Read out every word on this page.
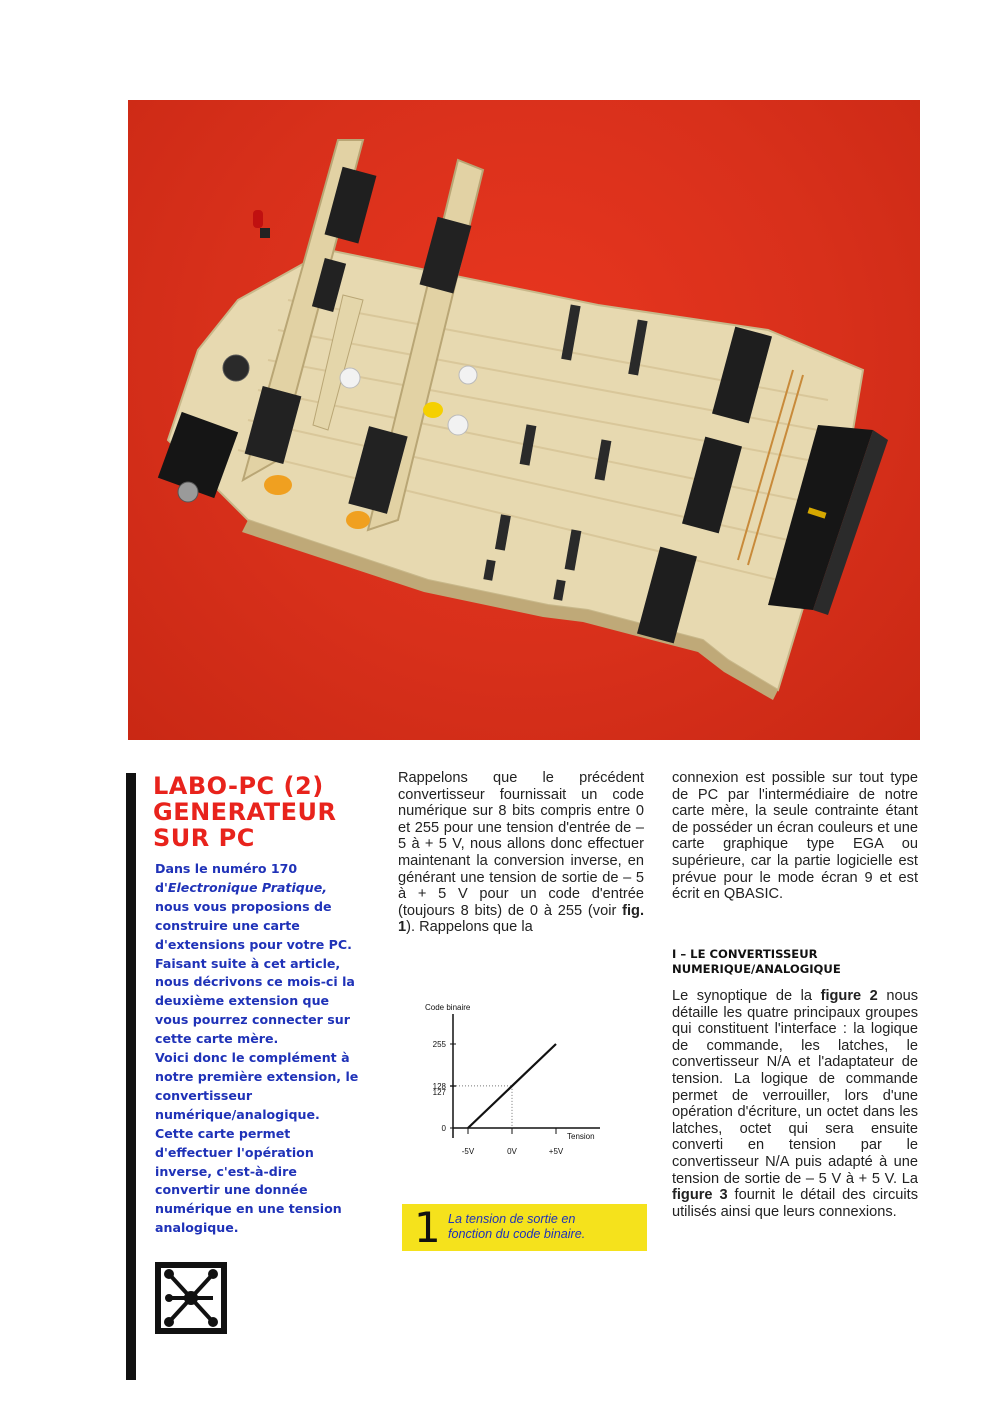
LABO-PC (2)
GENERATEUR
SUR PC

Dans le numéro 170 d'Electronique Pratique, nous vous proposions de construire une carte d'extensions pour votre PC. Faisant suite à cet article, nous décrivons ce mois-ci la deuxième extension que vous pourrez connecter sur cette carte mère.
Voici donc le complément à notre première extension, le convertisseur numérique/analogique. Cette carte permet d'effectuer l'opération inverse, c'est-à-dire convertir une donnée numérique en une tension analogique.

Rappelons que le précédent convertisseur fournissait un code numérique sur 8 bits compris entre 0 et 255 pour une tension d'entrée de – 5 à + 5 V, nous allons donc effectuer maintenant la conversion inverse, en générant une tension de sortie de – 5 à + 5 V pour un code d'entrée (toujours 8 bits) de 0 à 255 (voir fig. 1). Rappelons que la

Code binaire
0
127
128
255
-5V	0V	+5V
Tension

1 La tension de sortie en
fonction du code binaire.

connexion est possible sur tout type de PC par l'intermédiaire de notre carte mère, la seule contrainte étant de posséder un écran couleurs et une carte graphique type EGA ou supérieure, car la partie logicielle est prévue pour le mode écran 9 et est écrit en QBASIC.

I – LE CONVERTISSEUR
NUMERIQUE/ANALOGIQUE

Le synoptique de la figure 2 nous détaille les quatre principaux groupes qui constituent l'interface : la logique de commande, les latches, le convertisseur N/A et l'adaptateur de tension. La logique de commande permet de verrouiller, lors d'une opération d'écriture, un octet dans les latches, octet qui sera ensuite converti en tension par le convertisseur N/A puis adapté à une tension de sortie de – 5 V à + 5 V. La figure 3 fournit le détail des circuits utilisés ainsi que leurs connexions.
